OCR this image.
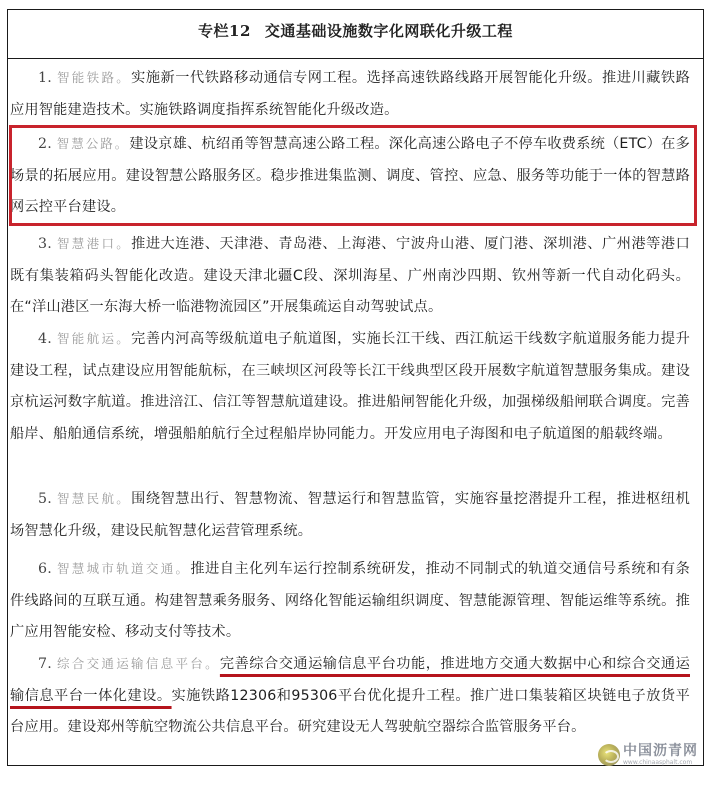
专栏12 交通基础设施数字化网联化升级工程

1. 智能铁路。实施新一代铁路移动通信专网工程。选择高速铁路线路开展智能化升级。推进川藏铁路应用智能建造技术。实施铁路调度指挥系统智能化升级改造。

2. 智慧公路。建设京雄、杭绍甬等智慧高速公路工程。深化高速公路电子不停车收费系统（ETC）在多场景的拓展应用。建设智慧公路服务区。稳步推进集监测、调度、管控、应急、服务等功能于一体的智慧路网云控平台建设。

3. 智慧港口。推进大连港、天津港、青岛港、上海港、宁波舟山港、厦门港、深圳港、广州港等港口既有集装箱码头智能化改造。建设天津北疆C段、深圳海星、广州南沙四期、钦州等新一代自动化码头。在“洋山港区一东海大桥一临港物流园区”开展集疏运自动驾驶试点。

4. 智能航运。完善内河高等级航道电子航道图，实施长江干线、西江航运干线数字航道服务能力提升建设工程，试点建设应用智能航标，在三峡坝区河段等长江干线典型区段开展数字航道智慧服务集成。建设京杭运河数字航道。推进涪江、信江等智慧航道建设。推进船闸智能化升级，加强梯级船闸联合调度。完善船岸、船舶通信系统，增强船舶航行全过程船岸协同能力。开发应用电子海图和电子航道图的船载终端。

5. 智慧民航。围绕智慧出行、智慧物流、智慧运行和智慧监管，实施容量挖潜提升工程，推进枢纽机场智慧化升级，建设民航智慧化运营管理系统。

6. 智慧城市轨道交通。推进自主化列车运行控制系统研发，推动不同制式的轨道交通信号系统和有条件线路间的互联互通。构建智慧乘务服务、网络化智能运输组织调度、智慧能源管理、智能运维等系统。推广应用智能安检、移动支付等技术。

7. 综合交通运输信息平台。完善综合交通运输信息平台功能，推进地方交通大数据中心和综合交通运输信息平台一体化建设。实施铁路12306和95306平台优化提升工程。推广进口集装箱区块链电子放货平台应用。建设郑州等航空物流公共信息平台。研究建设无人驾驶航空器综合监管服务平台。

中国沥青网
www.chinaasphalt.com
